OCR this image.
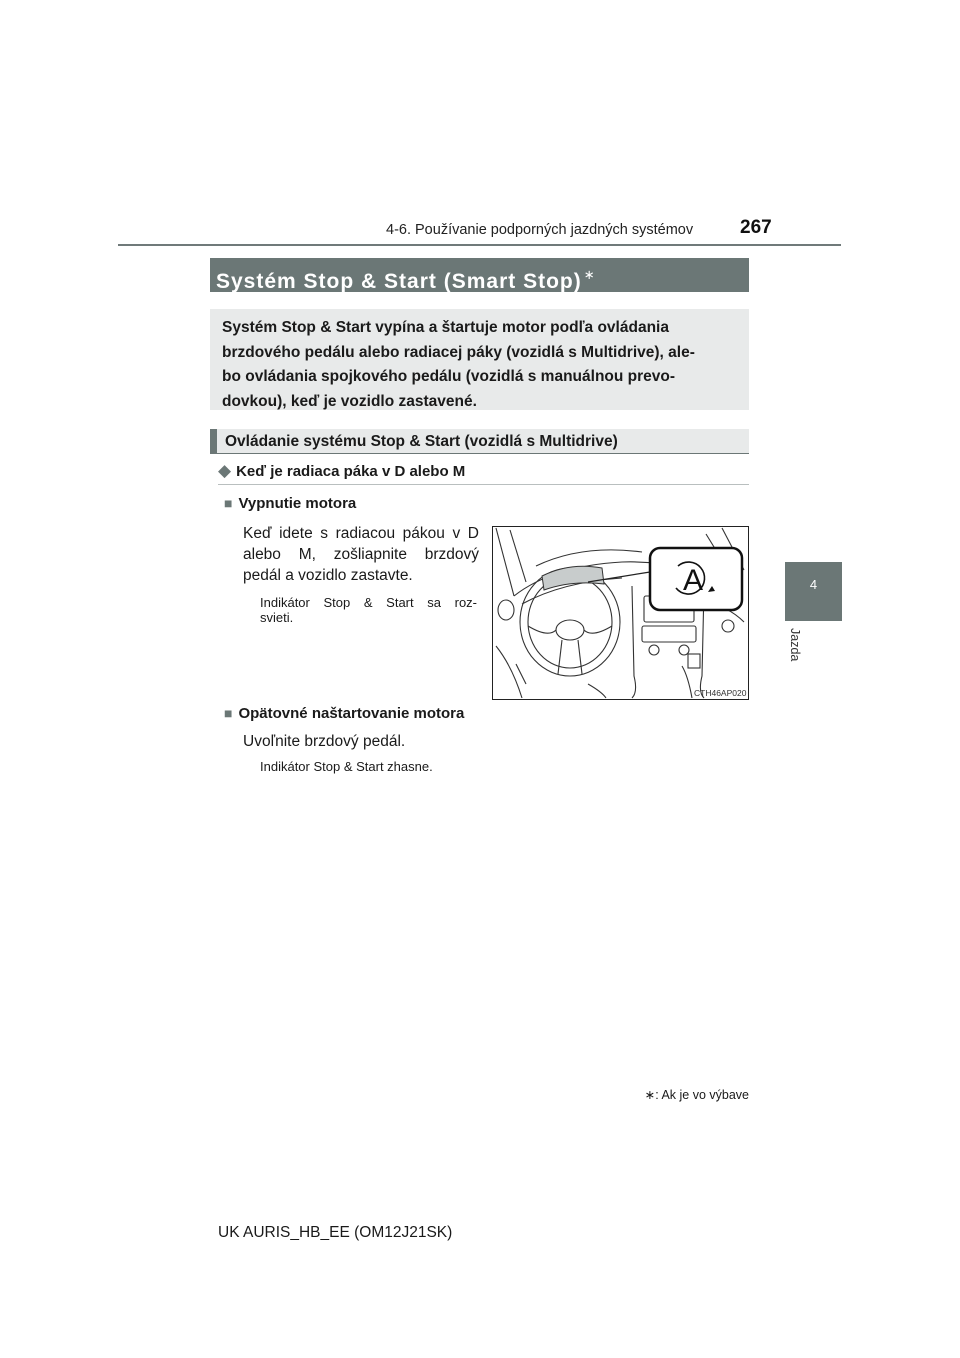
4-6. Používanie podporných jazdných systémov 267
4
Jazda
Systém Stop & Start (Smart Stop) ∗
Systém Stop & Start vypína a štartuje motor podľa ovládania
brzdového pedálu alebo radiacej páky (vozidlá s Multidrive), ale-
bo ovládania spojkového pedálu (vozidlá s manuálnou prevo-
dovkou), keď je vozidlo zastavené.
Ovládanie systému Stop & Start (vozidlá s Multidrive)
◆ Keď je radiaca páka v D alebo M
■ Vypnutie motora
Keď idete s radiacou pákou v D
alebo M, zošliapnite brzdový
pedál a vozidlo zastavte.
Indikátor Stop & Start sa roz-
svieti.
A
CTH46AP020
■ Opätovné naštartovanie motora
Uvoľnite brzdový pedál.
Indikátor Stop & Start zhasne.
∗: Ak je vo výbave
UK AURIS_HB_EE (OM12J21SK)
